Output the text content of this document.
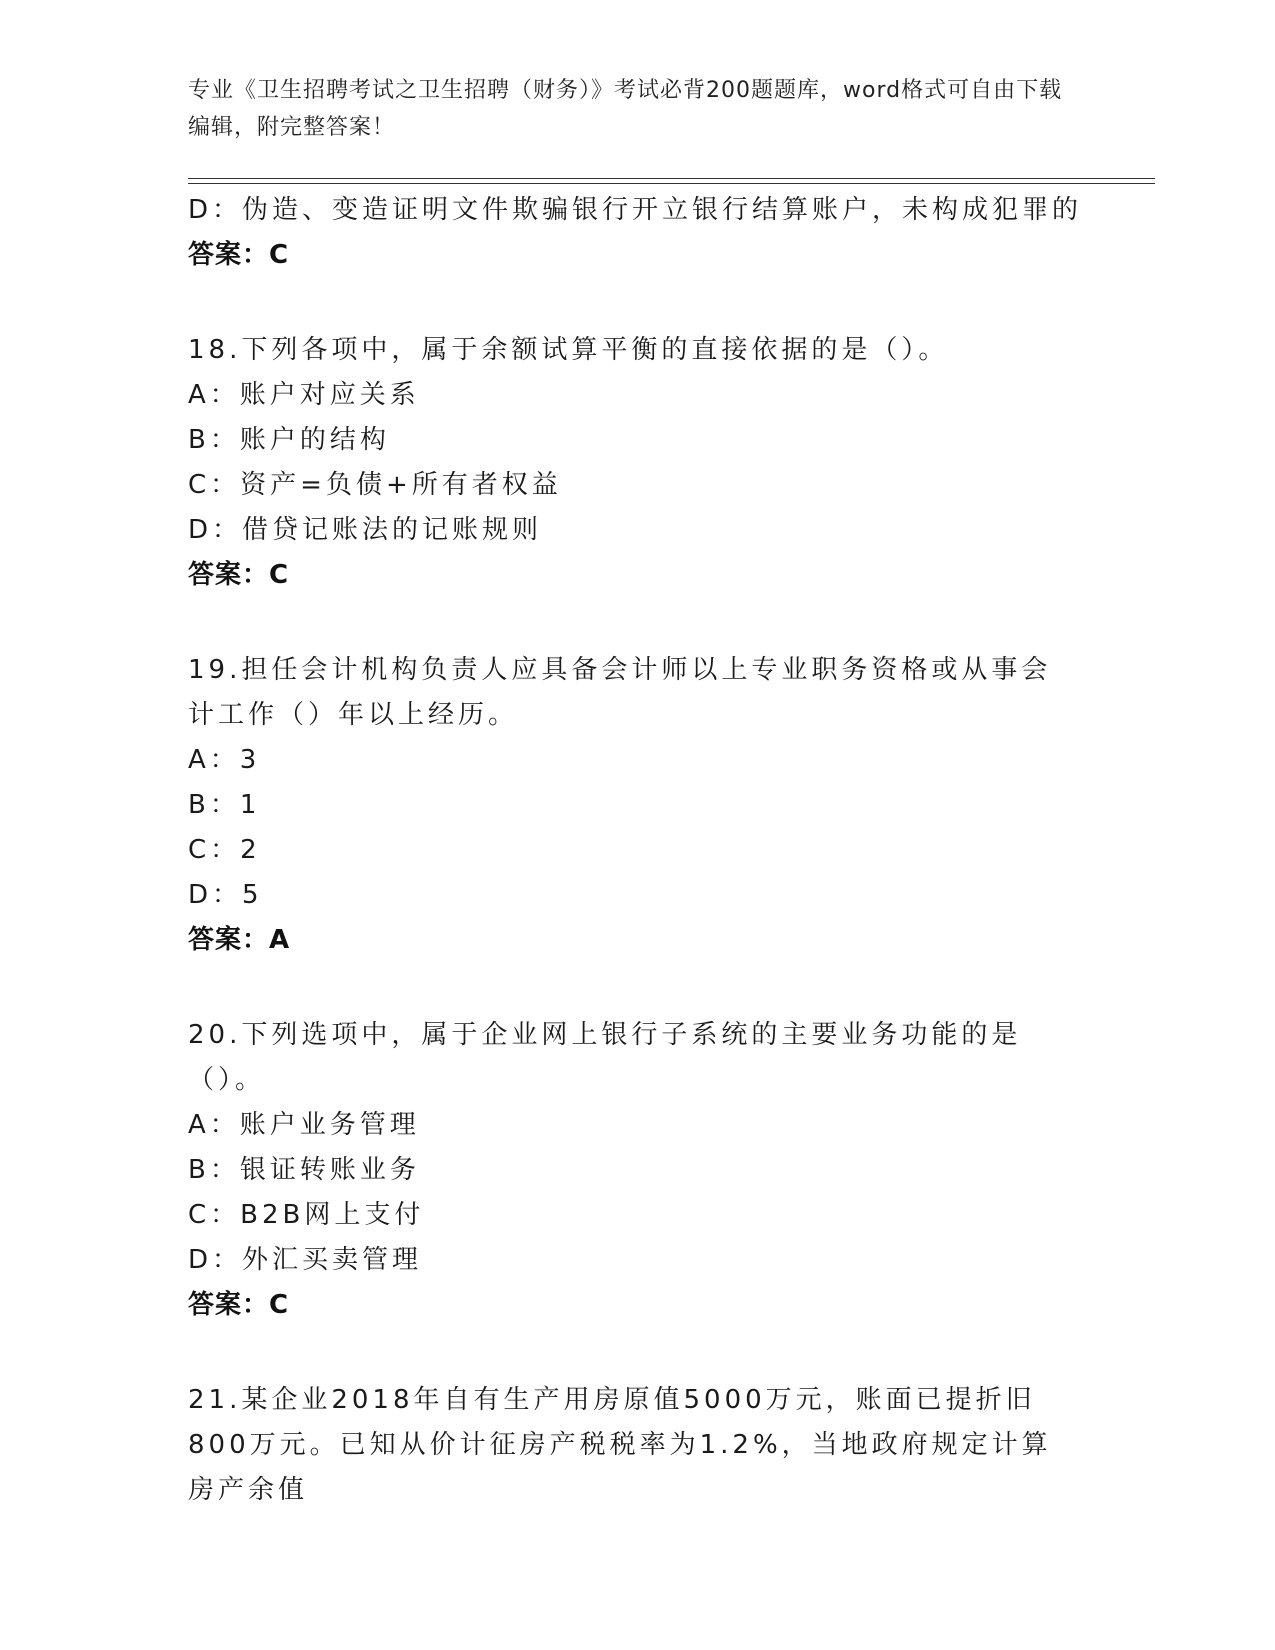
专业《卫生招聘考试之卫生招聘（财务）》考试必背200题题库，word格式可自由下载编辑，附完整答案！
D：伪造、变造证明文件欺骗银行开立银行结算账户，未构成犯罪的
答案：C
18.下列各项中，属于余额试算平衡的直接依据的是（）。
A：账户对应关系
B：账户的结构
C：资产=负债+所有者权益
D：借贷记账法的记账规则
答案：C
19.担任会计机构负责人应具备会计师以上专业职务资格或从事会计工作（）年以上经历。
A：3
B：1
C：2
D：5
答案：A
20.下列选项中，属于企业网上银行子系统的主要业务功能的是（）。
A：账户业务管理
B：银证转账业务
C：B2B网上支付
D：外汇买卖管理
答案：C
21.某企业2018年自有生产用房原值5000万元，账面已提折旧800万元。已知从价计征房产税税率为1.2%，当地政府规定计算房产余值
